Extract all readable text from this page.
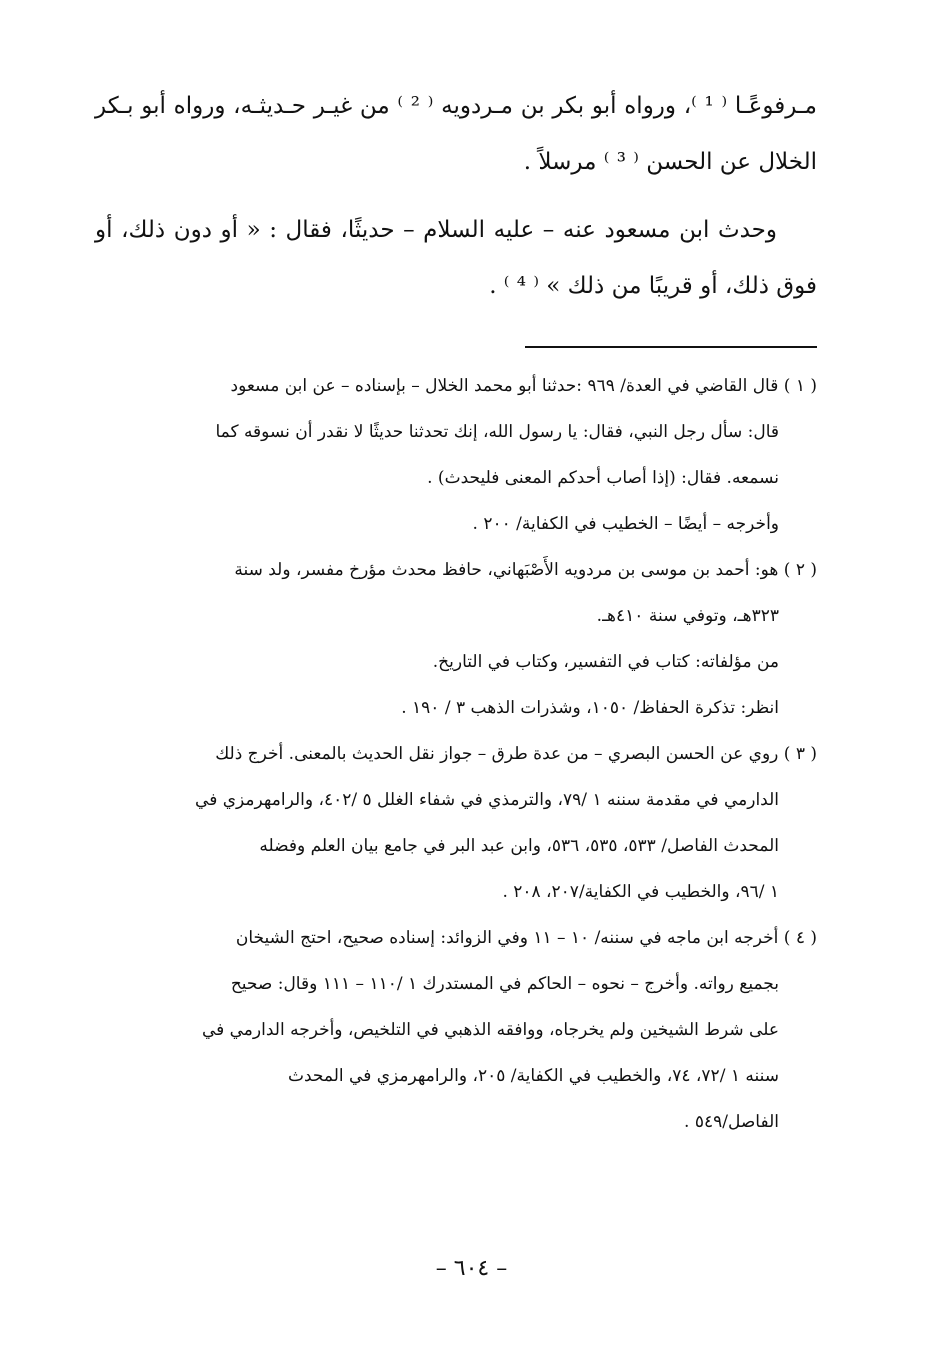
مـرفوعًـا ⁽ ¹ ⁾، ورواه أبو بكر بن مـردويه ⁽ ² ⁾ من غيـر حـديثـه، ورواه أبو بـكر الخلال عن الحسن ⁽ ³ ⁾ مرسلاً .

وحدث ابن مسعود عنه – عليه السلام – حديثًا، فقال : « أو دون ذلك، أو فوق ذلك، أو قريبًا من ذلك » ⁽ ⁴ ⁾ .

( ١ ) قال القاضي في العدة/ ٩٦٩ :حدثنا أبو محمد الخلال – بإسناده – عن ابن مسعود
قال: سأل رجل النبي، فقال: يا رسول الله، إنك تحدثنا حديثًا لا نقدر أن نسوقه كما
نسمعه. فقال: (إذا أصاب أحدكم المعنى فليحدث) .
وأخرجه – أيضًا – الخطيب في الكفاية/ ٢٠٠ .
( ٢ ) هو: أحمد بن موسى بن مردويه الأَصْبَهاني، حافظ محدث مؤرخ مفسر، ولد سنة
٣٢٣هـ، وتوفي سنة ٤١٠هـ.
من مؤلفاته: كتاب في التفسير، وكتاب في التاريخ.
انظر: تذكرة الحفاظ/ ١٠٥٠، وشذرات الذهب ٣ / ١٩٠ .
( ٣ ) روي عن الحسن البصري – من عدة طرق – جواز نقل الحديث بالمعنى. أخرج ذلك
الدارمي في مقدمة سننه ١ /٧٩، والترمذي في شفاء الغلل ٥ /٤٠٢، والرامهرمزي في
المحدث الفاصل/ ٥٣٣، ٥٣٥، ٥٣٦، وابن عبد البر في جامع بيان العلم وفضله
١ /٩٦، والخطيب في الكفاية/٢٠٧، ٢٠٨ .
( ٤ ) أخرجه ابن ماجه في سننه/ ١٠ – ١١ وفي الزوائد: إسناده صحيح، احتج الشيخان
بجميع رواته. وأخرج – نحوه – الحاكم في المستدرك ١ /١١٠ – ١١١ وقال: صحيح
على شرط الشيخين ولم يخرجاه، ووافقه الذهبي في التلخيص، وأخرجه الدارمي في
سننه ١ /٧٢، ٧٤، والخطيب في الكفاية/ ٢٠٥، والرامهرمزي في المحدث
الفاصل/٥٤٩ .
– ٦٠٤ –
